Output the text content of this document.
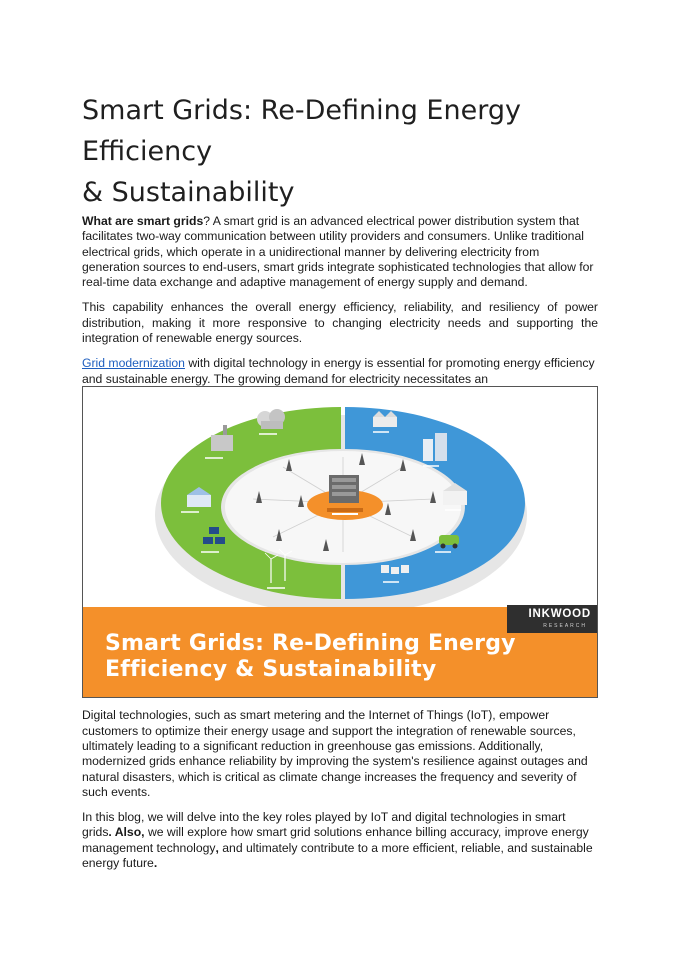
Smart Grids: Re-Defining Energy
Efficiency
& Sustainability

What are smart grids? A smart grid is an advanced electrical power distribution system that facilitates two-way communication between utility providers and consumers. Unlike traditional electrical grids, which operate in a unidirectional manner by delivering electricity from generation sources to end-users, smart grids integrate sophisticated technologies that allow for real-time data exchange and adaptive management of energy supply and demand.

This capability enhances the overall energy efficiency, reliability, and resiliency of power distribution, making it more responsive to changing electricity needs and supporting the integration of renewable energy sources.

Grid modernization with digital technology in energy is essential for promoting energy efficiency and sustainable energy. The growing demand for electricity necessitates an

INKWOOD
RESEARCH
Smart Grids: Re-Defining Energy
Efficiency & Sustainability

Digital technologies, such as smart metering and the Internet of Things (IoT), empower customers to optimize their energy usage and support the integration of renewable sources, ultimately leading to a significant reduction in greenhouse gas emissions. Additionally, modernized grids enhance reliability by improving the system's resilience against outages and natural disasters, which is critical as climate change increases the frequency and severity of such events.

In this blog, we will delve into the key roles played by IoT and digital technologies in smart grids. Also, we will explore how smart grid solutions enhance billing accuracy, improve energy management technology, and ultimately contribute to a more efficient, reliable, and sustainable energy future.
